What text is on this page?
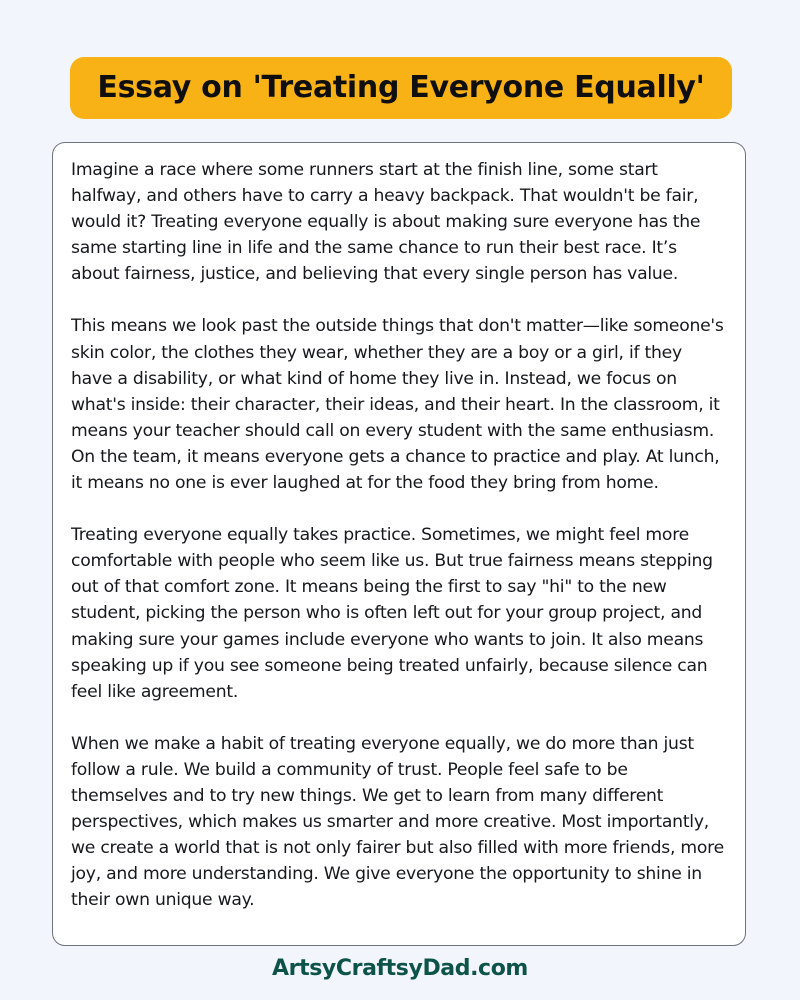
Essay on 'Treating Everyone Equally'

Imagine a race where some runners start at the finish line, some start halfway, and others have to carry a heavy backpack. That wouldn't be fair, would it? Treating everyone equally is about making sure everyone has the same starting line in life and the same chance to run their best race. It’s about fairness, justice, and believing that every single person has value.

This means we look past the outside things that don't matter—like someone's skin color, the clothes they wear, whether they are a boy or a girl, if they have a disability, or what kind of home they live in. Instead, we focus on what's inside: their character, their ideas, and their heart. In the classroom, it means your teacher should call on every student with the same enthusiasm. On the team, it means everyone gets a chance to practice and play. At lunch, it means no one is ever laughed at for the food they bring from home.

Treating everyone equally takes practice. Sometimes, we might feel more comfortable with people who seem like us. But true fairness means stepping out of that comfort zone. It means being the first to say "hi" to the new student, picking the person who is often left out for your group project, and making sure your games include everyone who wants to join. It also means speaking up if you see someone being treated unfairly, because silence can feel like agreement.

When we make a habit of treating everyone equally, we do more than just follow a rule. We build a community of trust. People feel safe to be themselves and to try new things. We get to learn from many different perspectives, which makes us smarter and more creative. Most importantly, we create a world that is not only fairer but also filled with more friends, more joy, and more understanding. We give everyone the opportunity to shine in their own unique way.

ArtsyCraftsyDad.com
